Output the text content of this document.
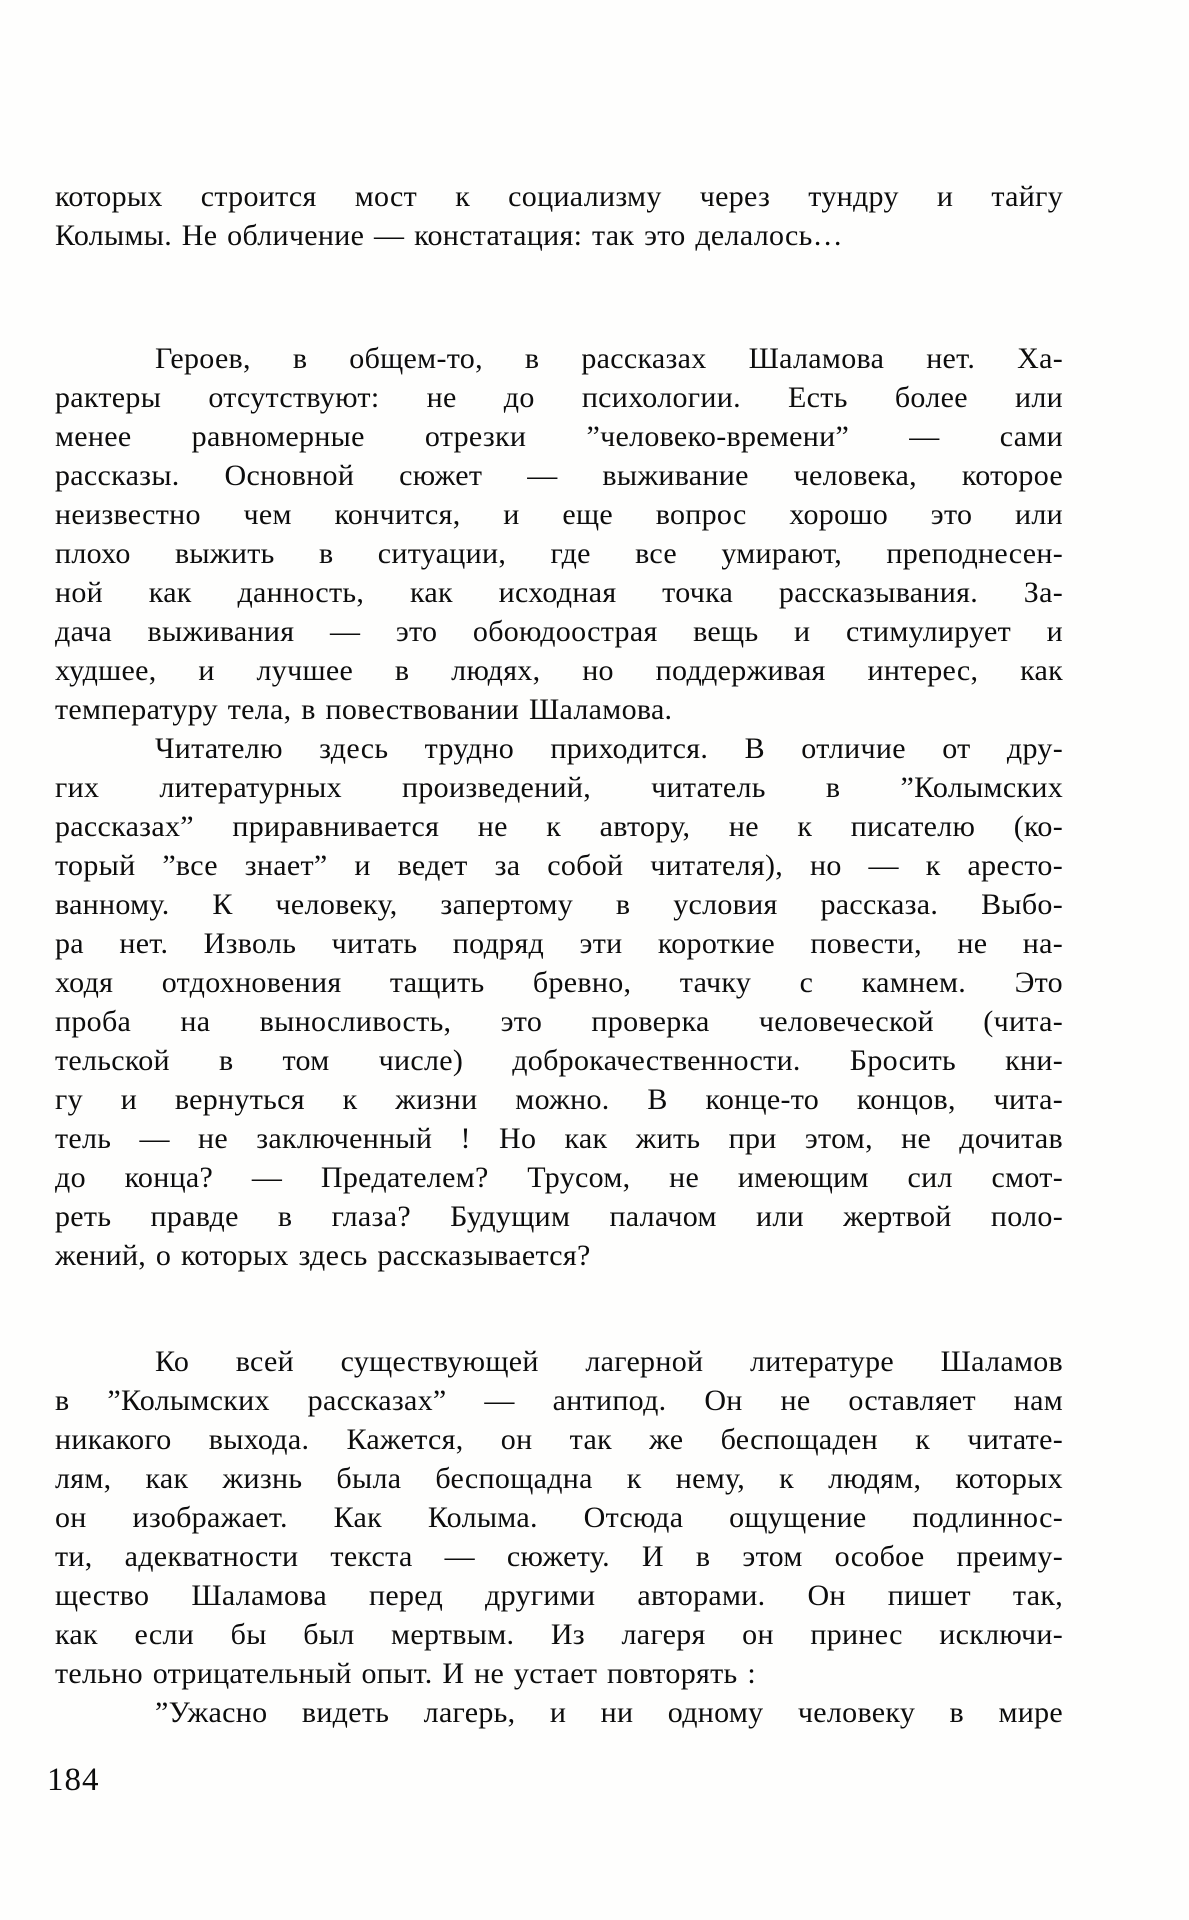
которых строится мост к социализму через тундру и тайгу
Колымы. Не обличение — констатация: так это делалось…
Героев, в общем-то, в рассказах Шаламова нет. Ха-
рактеры отсутствуют: не до психологии. Есть более или
менее равномерные отрезки ”человеко-времени” — сами
рассказы. Основной сюжет — выживание человека, которое
неизвестно чем кончится, и еще вопрос хорошо это или
плохо выжить в ситуации, где все умирают, преподнесен-
ной как данность, как исходная точка рассказывания. За-
дача выживания — это обоюдоострая вещь и стимулирует и
худшее, и лучшее в людях, но поддерживая интерес, как
температуру тела, в повествовании Шаламова.
Читателю здесь трудно приходится. В отличие от дру-
гих литературных произведений, читатель в ”Колымских
рассказах” приравнивается не к автору, не к писателю (ко-
торый ”все знает” и ведет за собой читателя), но — к аресто-
ванному. К человеку, запертому в условия рассказа. Выбо-
ра нет. Изволь читать подряд эти короткие повести, не на-
ходя отдохновения тащить бревно, тачку с камнем. Это
проба на выносливость, это проверка человеческой (чита-
тельской в том числе) доброкачественности. Бросить кни-
гу и вернуться к жизни можно. В конце-то концов, чита-
тель — не заключенный ! Но как жить при этом, не дочитав
до конца? — Предателем? Трусом, не имеющим сил смот-
реть правде в глаза? Будущим палачом или жертвой поло-
жений, о которых здесь рассказывается?
Ко всей существующей лагерной литературе Шаламов
в ”Колымских рассказах” — антипод. Он не оставляет нам
никакого выхода. Кажется, он так же беспощаден к читате-
лям, как жизнь была беспощадна к нему, к людям, которых
он изображает. Как Колыма. Отсюда ощущение подлиннос-
ти, адекватности текста — сюжету. И в этом особое преиму-
щество Шаламова перед другими авторами. Он пишет так,
как если бы был мертвым. Из лагеря он принес исключи-
тельно отрицательный опыт. И не устает повторять :
”Ужасно видеть лагерь, и ни одному человеку в мире
184
